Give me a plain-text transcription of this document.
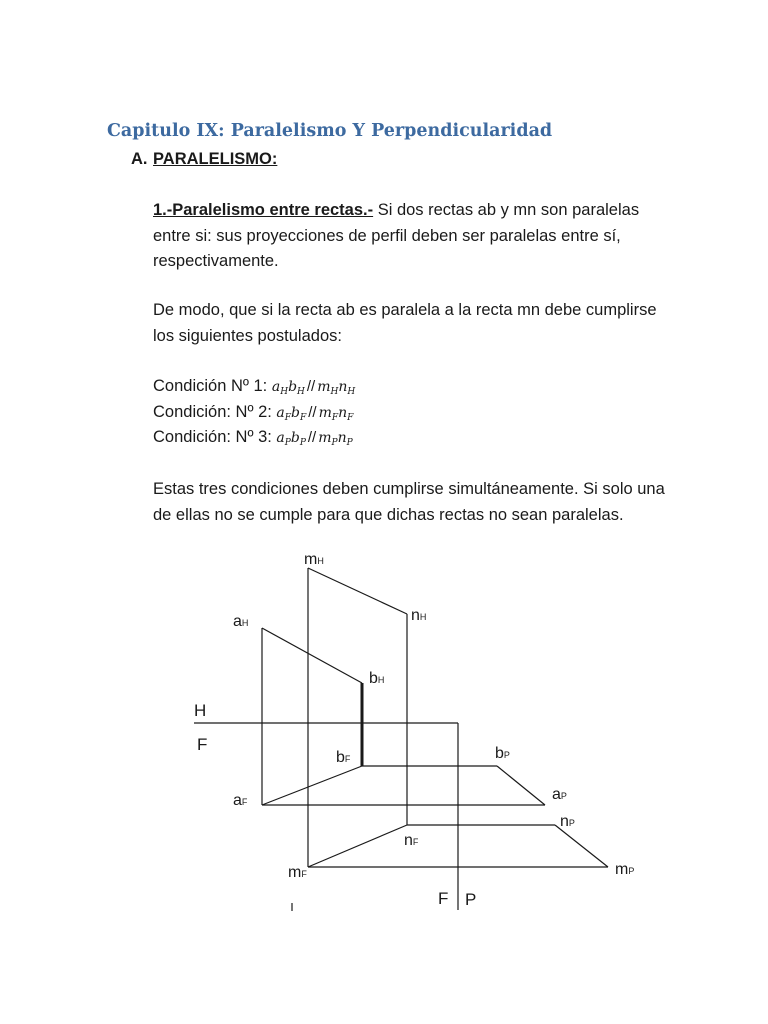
Capitulo IX: Paralelismo Y Perpendicularidad
A. PARALELISMO:
1.-Paralelismo entre rectas.- Si dos rectas ab y mn son paralelas entre si: sus proyecciones de perfil deben ser paralelas entre sí, respectivamente.
De modo, que si la recta ab es paralela a la recta mn debe cumplirse los siguientes postulados:
Condición Nº 1: $a_Hb_H // m_Hn_H$
Condición: Nº 2: $a_Fb_F // m_Fn_F$
Condición: Nº 3: $a_Pb_P // m_Pn_P$
Estas tres condiciones deben cumplirse simultáneamente. Si solo una de ellas no se cumple para que dichas rectas no sean paralelas.
H
F
F P
mH
nH
aH
bH
bF	bP
aP
aF
nP
nF
mF	mP
